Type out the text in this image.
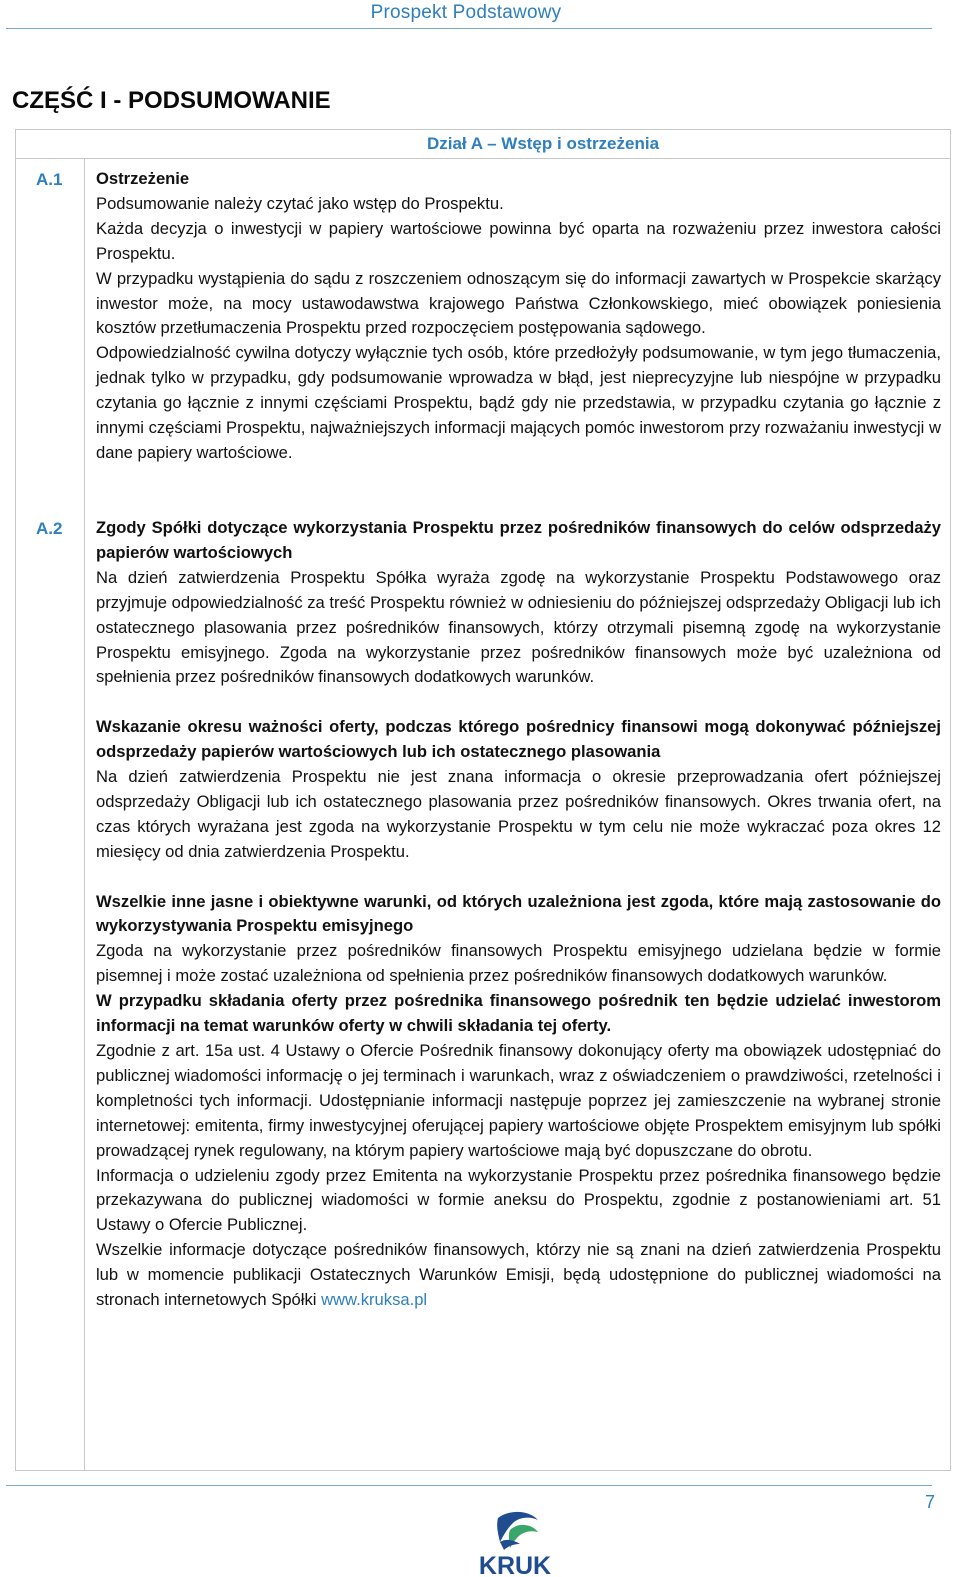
Prospekt Podstawowy
CZĘŚĆ I - PODSUMOWANIE
Dział A – Wstęp i ostrzeżenia
A.1 Ostrzeżenie

Podsumowanie należy czytać jako wstęp do Prospektu.

Każda decyzja o inwestycji w papiery wartościowe powinna być oparta na rozważeniu przez inwestora całości Prospektu.

W przypadku wystąpienia do sądu z roszczeniem odnoszącym się do informacji zawartych w Prospekcie skarżący inwestor może, na mocy ustawodawstwa krajowego Państwa Członkowskiego, mieć obowiązek poniesienia kosztów przetłumaczenia Prospektu przed rozpoczęciem postępowania sądowego.

Odpowiedzialność cywilna dotyczy wyłącznie tych osób, które przedłożyły podsumowanie, w tym jego tłumaczenia, jednak tylko w przypadku, gdy podsumowanie wprowadza w błąd, jest nieprecyzyjne lub niespójne w przypadku czytania go łącznie z innymi częściami Prospektu, bądź gdy nie przedstawia, w przypadku czytania go łącznie z innymi częściami Prospektu, najważniejszych informacji mających pomóc inwestorom przy rozważaniu inwestycji w dane papiery wartościowe.

A.2 Zgody Spółki dotyczące wykorzystania Prospektu przez pośredników finansowych do celów odsprzedaży papierów wartościowych

Na dzień zatwierdzenia Prospektu Spółka wyraża zgodę na wykorzystanie Prospektu Podstawowego oraz przyjmuje odpowiedzialność za treść Prospektu również w odniesieniu do późniejszej odsprzedaży Obligacji lub ich ostatecznego plasowania przez pośredników finansowych, którzy otrzymali pisemną zgodę na wykorzystanie Prospektu emisyjnego. Zgoda na wykorzystanie przez pośredników finansowych może być uzależniona od spełnienia przez pośredników finansowych dodatkowych warunków.

Wskazanie okresu ważności oferty, podczas którego pośrednicy finansowi mogą dokonywać późniejszej odsprzedaży papierów wartościowych lub ich ostatecznego plasowania

Na dzień zatwierdzenia Prospektu nie jest znana informacja o okresie przeprowadzania ofert późniejszej odsprzedaży Obligacji lub ich ostatecznego plasowania przez pośredników finansowych. Okres trwania ofert, na czas których wyrażana jest zgoda na wykorzystanie Prospektu w tym celu nie może wykraczać poza okres 12 miesięcy od dnia zatwierdzenia Prospektu.

Wszelkie inne jasne i obiektywne warunki, od których uzależniona jest zgoda, które mają zastosowanie do wykorzystywania Prospektu emisyjnego

Zgoda na wykorzystanie przez pośredników finansowych Prospektu emisyjnego udzielana będzie w formie pisemnej i może zostać uzależniona od spełnienia przez pośredników finansowych dodatkowych warunków.

W przypadku składania oferty przez pośrednika finansowego pośrednik ten będzie udzielać inwestorom informacji na temat warunków oferty w chwili składania tej oferty.

Zgodnie z art. 15a ust. 4 Ustawy o Ofercie Pośrednik finansowy dokonujący oferty ma obowiązek udostępniać do publicznej wiadomości informację o jej terminach i warunkach, wraz z oświadczeniem o prawdziwości, rzetelności i kompletności tych informacji. Udostępnianie informacji następuje poprzez jej zamieszczenie na wybranej stronie internetowej: emitenta, firmy inwestycyjnej oferującej papiery wartościowe objęte Prospektem emisyjnym lub spółki prowadzącej rynek regulowany, na którym papiery wartościowe mają być dopuszczane do obrotu.

Informacja o udzieleniu zgody przez Emitenta na wykorzystanie Prospektu przez pośrednika finansowego będzie przekazywana do publicznej wiadomości w formie aneksu do Prospektu, zgodnie z postanowieniami art. 51 Ustawy o Ofercie Publicznej.

Wszelkie informacje dotyczące pośredników finansowych, którzy nie są znani na dzień zatwierdzenia Prospektu lub w momencie publikacji Ostatecznych Warunków Emisji, będą udostępnione do publicznej wiadomości na stronach internetowych Spółki www.kruksa.pl

7
KRUK
